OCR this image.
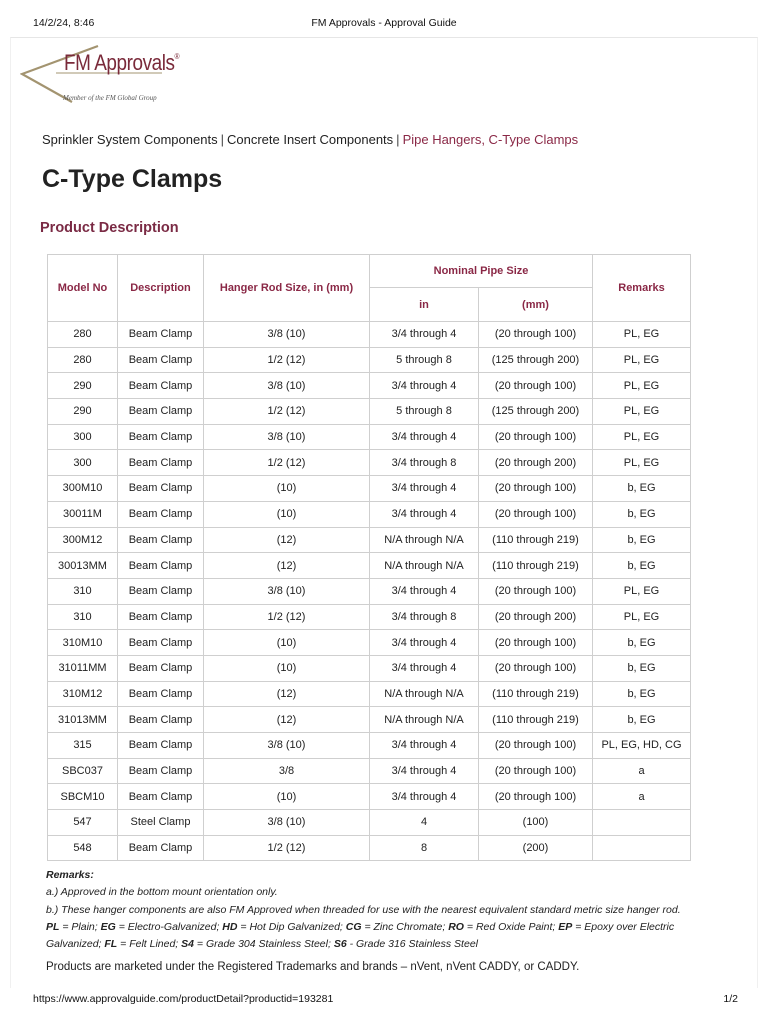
14/2/24, 8:46	FM Approvals - Approval Guide
FM Approvals®
Member of the FM Global Group
Sprinkler System Components | Concrete Insert Components | Pipe Hangers, C-Type Clamps
C-Type Clamps
Product Description
Model No	Description	Hanger Rod Size, in (mm)	Nominal Pipe Size		Remarks
			in	(mm)	
280	Beam Clamp	3/8 (10)	3/4 through 4	(20 through 100)	PL, EG
280	Beam Clamp	1/2 (12)	5 through 8	(125 through 200)	PL, EG
290	Beam Clamp	3/8 (10)	3/4 through 4	(20 through 100)	PL, EG
290	Beam Clamp	1/2 (12)	5 through 8	(125 through 200)	PL, EG
300	Beam Clamp	3/8 (10)	3/4 through 4	(20 through 100)	PL, EG
300	Beam Clamp	1/2 (12)	3/4 through 8	(20 through 200)	PL, EG
300M10	Beam Clamp	(10)	3/4 through 4	(20 through 100)	b, EG
30011M	Beam Clamp	(10)	3/4 through 4	(20 through 100)	b, EG
300M12	Beam Clamp	(12)	N/A through N/A	(110 through 219)	b, EG
30013MM	Beam Clamp	(12)	N/A through N/A	(110 through 219)	b, EG
310	Beam Clamp	3/8 (10)	3/4 through 4	(20 through 100)	PL, EG
310	Beam Clamp	1/2 (12)	3/4 through 8	(20 through 200)	PL, EG
310M10	Beam Clamp	(10)	3/4 through 4	(20 through 100)	b, EG
31011MM	Beam Clamp	(10)	3/4 through 4	(20 through 100)	b, EG
310M12	Beam Clamp	(12)	N/A through N/A	(110 through 219)	b, EG
31013MM	Beam Clamp	(12)	N/A through N/A	(110 through 219)	b, EG
315	Beam Clamp	3/8 (10)	3/4 through 4	(20 through 100)	PL, EG, HD, CG
SBC037	Beam Clamp	3/8	3/4 through 4	(20 through 100)	a
SBCM10	Beam Clamp	(10)	3/4 through 4	(20 through 100)	a
547	Steel Clamp	3/8 (10)	4	(100)	
548	Beam Clamp	1/2 (12)	8	(200)	
Remarks:
a.) Approved in the bottom mount orientation only.
b.) These hanger components are also FM Approved when threaded for use with the nearest equivalent standard metric size hanger rod.
PL = Plain; EG = Electro-Galvanized; HD = Hot Dip Galvanized; CG = Zinc Chromate; RO = Red Oxide Paint; EP = Epoxy over Electric Galvanized; FL = Felt Lined; S4 = Grade 304 Stainless Steel; S6 - Grade 316 Stainless Steel
Products are marketed under the Registered Trademarks and brands – nVent, nVent CADDY, or CADDY.
https://www.approvalguide.com/productDetail?productid=193281	1/2
